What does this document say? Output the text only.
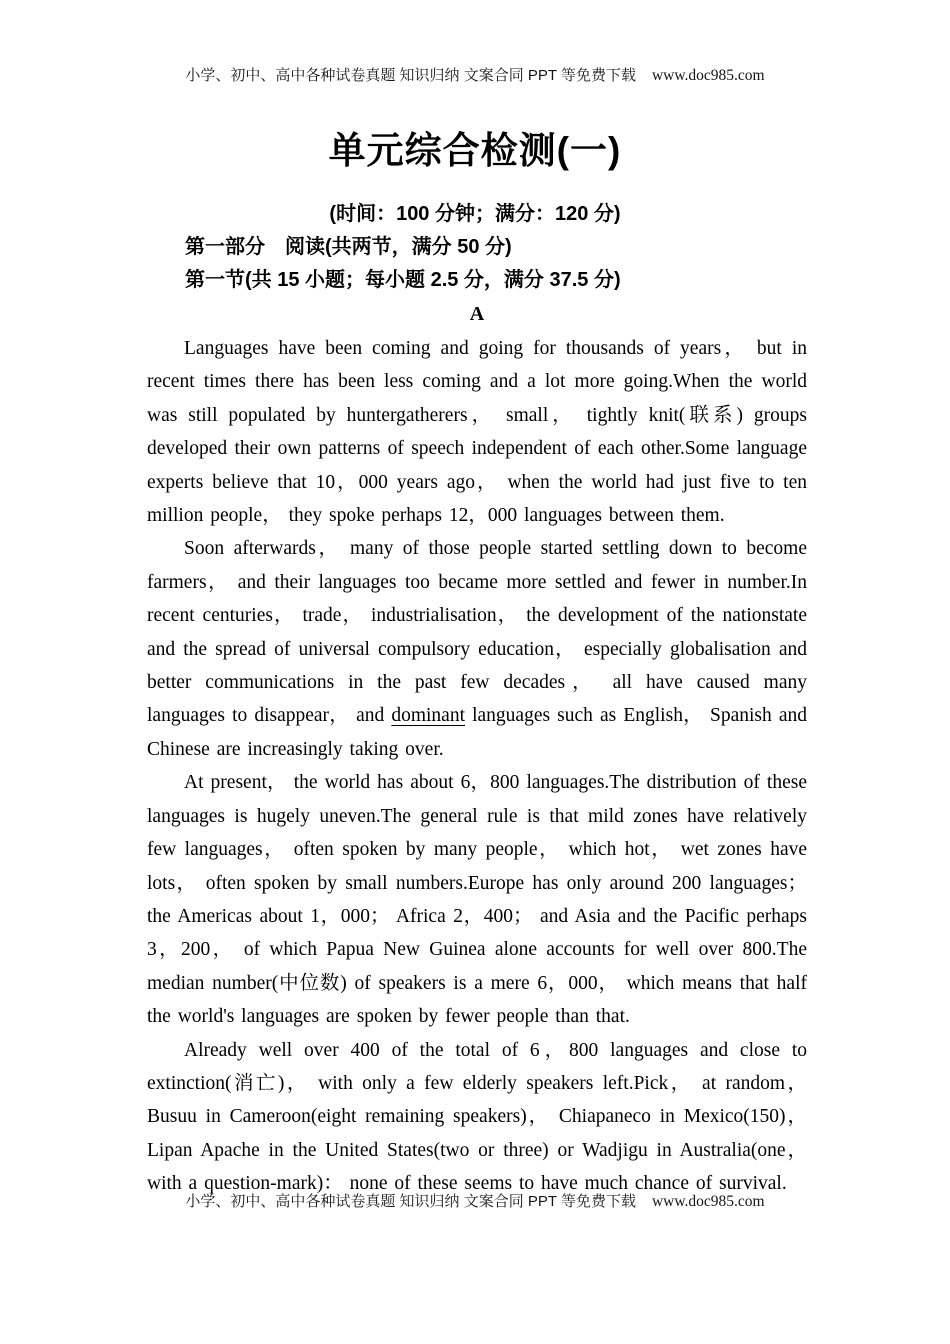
小学、初中、高中各种试卷真题 知识归纳 文案合同 PPT 等免费下载 www.doc985.com
单元综合检测(一)
(时间：100 分钟；满分：120 分)
第一部分　阅读(共两节，满分 50 分)
第一节(共 15 小题；每小题 2.5 分，满分 37.5 分)
A

Languages have been coming and going for thousands of years， but in recent times there has been less coming and a lot more going.When the world was still populated by huntergatherers， small， tightly knit(联系) groups developed their own patterns of speech independent of each other.Some language experts believe that 10，000 years ago， when the world had just five to ten million people， they spoke perhaps 12，000 languages between them.

Soon afterwards， many of those people started settling down to become farmers， and their languages too became more settled and fewer in number.In recent centuries， trade， industrialisation， the development of the nationstate and the spread of universal compulsory education， especially globalisation and better communications in the past few decades， all have caused many languages to disappear， and dominant languages such as English， Spanish and Chinese are increasingly taking over.

At present， the world has about 6，800 languages.The distribution of these languages is hugely uneven.The general rule is that mild zones have relatively few languages， often spoken by many people， which hot， wet zones have lots， often spoken by small numbers.Europe has only around 200 languages； the Americas about 1，000； Africa 2，400； and Asia and the Pacific perhaps 3，200， of which Papua New Guinea alone accounts for well over 800.The median number(中位数) of speakers is a mere 6，000， which means that half the world's languages are spoken by fewer people than that.

Already well over 400 of the total of 6，800 languages and close to extinction(消亡)， with only a few elderly speakers left.Pick， at random， Busuu in Cameroon(eight remaining speakers)， Chiapaneco in Mexico(150)， Lipan Apache in the United States(two or three) or Wadjigu in Australia(one， with a question-mark)： none of these seems to have much chance of survival.

小学、初中、高中各种试卷真题 知识归纳 文案合同 PPT 等免费下载 www.doc985.com
